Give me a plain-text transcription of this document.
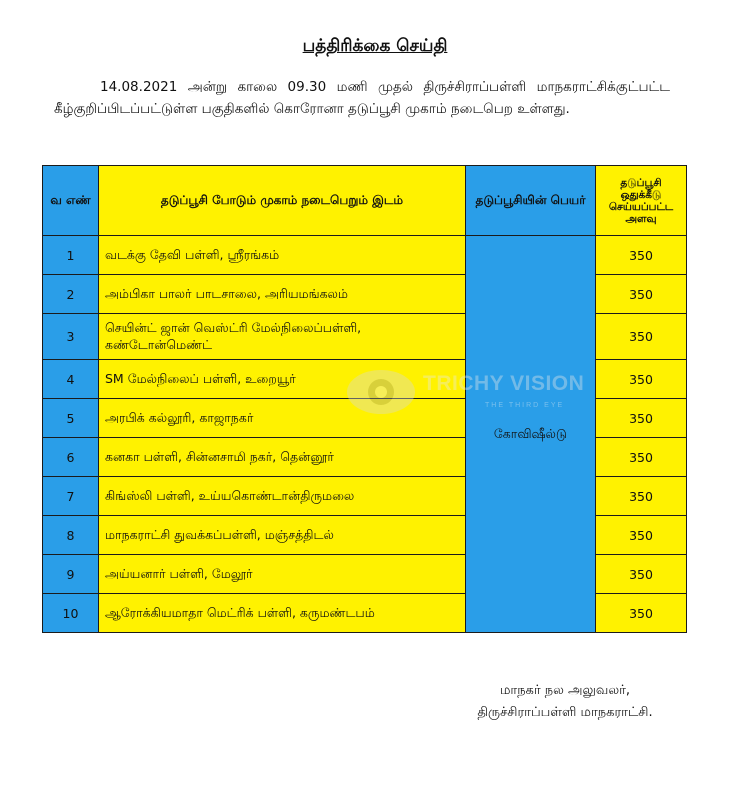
பத்திரிக்கை செய்தி
14.08.2021 அன்று காலை 09.30 மணி முதல் திருச்சிராப்பள்ளி மாநகராட்சிக்குட்பட்ட கீழ்குறிப்பிடப்பட்டுள்ள பகுதிகளில் கொரோனா தடுப்பூசி முகாம் நடைபெற உள்ளது.
வ எண்	தடுப்பூசி போடும் முகாம் நடைபெறும் இடம்	தடுப்பூசியின் பெயர்	தடுப்பூசி ஒதுக்கீடு செய்யப்பட்ட அளவு
1	வடக்கு தேவி பள்ளி, ஸ்ரீரங்கம்	கோவிஷீல்டு	350
2	அம்பிகா பாலர் பாடசாலை, அரியமங்கலம்		350
3	செயின்ட் ஜான் வெஸ்ட்ரி மேல்நிலைப்பள்ளி, கண்டோன்மெண்ட்		350
4	SM மேல்நிலைப் பள்ளி, உறையூர்		350
5	அரபிக் கல்லூரி, காஜாநகர்		350
6	கனகா பள்ளி, சின்னசாமி நகர், தென்னூர்		350
7	கிங்ஸ்லி பள்ளி, உய்யகொண்டான்திருமலை		350
8	மாநகராட்சி துவக்கப்பள்ளி, மஞ்சத்திடல்		350
9	அய்யனார் பள்ளி, மேலூர்		350
10	ஆரோக்கியமாதா மெட்ரிக் பள்ளி, கருமண்டபம்		350
TRICHY VISION
THE THIRD EYE
மாநகர் நல அலுவலர்,
திருச்சிராப்பள்ளி மாநகராட்சி.
